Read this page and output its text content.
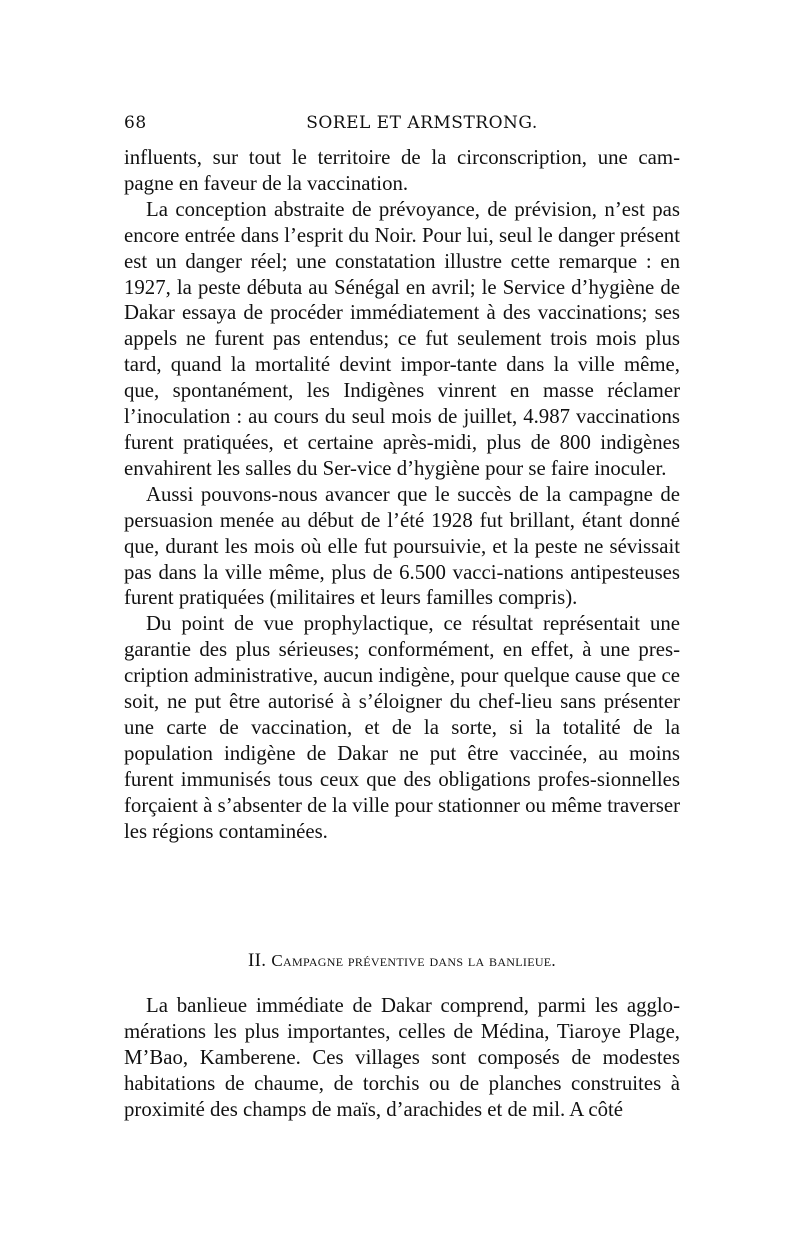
68	SOREL ET ARMSTRONG.

influents, sur tout le territoire de la circonscription, une cam-pagne en faveur de la vaccination.

La conception abstraite de prévoyance, de prévision, n’est pas encore entrée dans l’esprit du Noir. Pour lui, seul le danger présent est un danger réel; une constatation illustre cette remarque : en 1927, la peste débuta au Sénégal en avril; le Service d’hygiène de Dakar essaya de procéder immédiatement à des vaccinations; ses appels ne furent pas entendus; ce fut seulement trois mois plus tard, quand la mortalité devint impor-tante dans la ville même, que, spontanément, les Indigènes vinrent en masse réclamer l’inoculation : au cours du seul mois de juillet, 4.987 vaccinations furent pratiquées, et certaine après-midi, plus de 800 indigènes envahirent les salles du Ser-vice d’hygiène pour se faire inoculer.

Aussi pouvons-nous avancer que le succès de la campagne de persuasion menée au début de l’été 1928 fut brillant, étant donné que, durant les mois où elle fut poursuivie, et la peste ne sévissait pas dans la ville même, plus de 6.500 vacci-nations antipesteuses furent pratiquées (militaires et leurs familles compris).

Du point de vue prophylactique, ce résultat représentait une garantie des plus sérieuses; conformément, en effet, à une pres-cription administrative, aucun indigène, pour quelque cause que ce soit, ne put être autorisé à s’éloigner du chef-lieu sans présenter une carte de vaccination, et de la sorte, si la totalité de la population indigène de Dakar ne put être vaccinée, au moins furent immunisés tous ceux que des obligations profes-sionnelles forçaient à s’absenter de la ville pour stationner ou même traverser les régions contaminées.

II. Campagne préventive dans la banlieue.

La banlieue immédiate de Dakar comprend, parmi les agglo-mérations les plus importantes, celles de Médina, Tiaroye Plage, M’Bao, Kamberene. Ces villages sont composés de modestes habitations de chaume, de torchis ou de planches construites à proximité des champs de maïs, d’arachides et de mil. A côté
